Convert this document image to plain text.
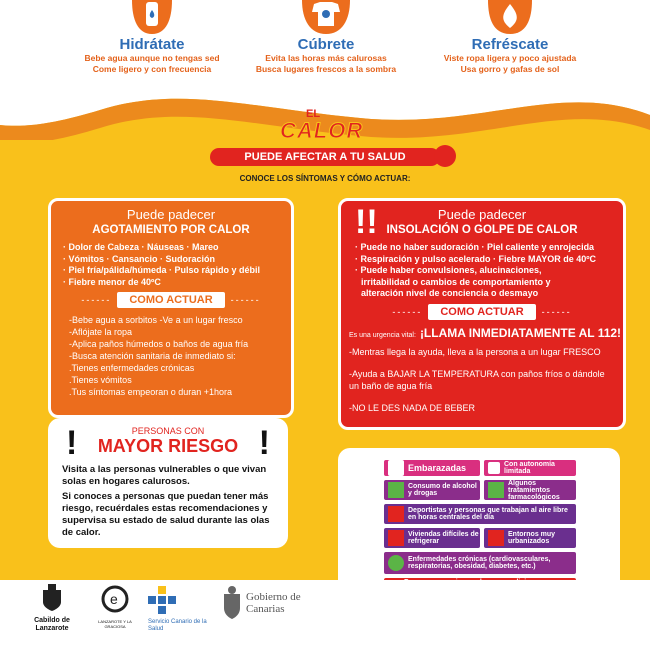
Hidrátate
Bebe agua aunque no tengas sed
Come ligero y con frecuencia
Cúbrete
Evita las horas más calurosas
Busca lugares frescos a la sombra
Refréscate
Viste ropa ligera y poco ajustada
Usa gorro y gafas de sol
EL
CALOR
PUEDE AFECTAR A TU SALUD
CONOCE LOS SÍNTOMAS Y CÓMO ACTUAR:
Puede padecer
AGOTAMIENTO POR CALOR
· Dolor de Cabeza · Náuseas · Mareo
· Vómitos · Cansancio · Sudoración
· Piel fría/pálida/húmeda · Pulso rápido y débil
· Fiebre menor de 40ºC
------	COMO ACTUAR	------
-Bebe agua a sorbitos -Ve a un lugar fresco
-Aflójate la ropa
-Aplica paños húmedos o baños de agua fría
-Busca atención sanitaria de inmediato si:
.Tienes enfermedades crónicas
.Tienes vómitos
.Tus síntomas empeoran o duran +1hora
!!	Puede padecer
INSOLACIÓN O GOLPE DE CALOR
· Puede no haber sudoración · Piel caliente y enrojecida
· Respiración y pulso acelerado · Fiebre MAYOR de 40ºC
· Puede haber convulsiones, alucinaciones,
irritabilidad o cambios de comportamiento y
alteración nivel de conciencia o desmayo
------	COMO ACTUAR	------
Es una urgencia vital: ¡LLAMA INMEDIATAMENTE AL 112!
-Mentras llega la ayuda, lleva a la persona a un lugar FRESCO
-Ayuda a BAJAR LA TEMPERATURA con paños fríos o dándole un baño de agua fría
-NO LE DES NADA DE BEBER
!	!
PERSONAS CON
MAYOR RIESGO
Visita a las personas vulnerables o que vivan solas en hogares calurosos.
Si conoces a personas que puedan tener más riesgo, recuérdales estas recomendaciones y supervisa su estado de salud durante las olas de calor.
Embarazadas	Con autonomía limitada
Consumo de alcohol y drogas
Algunos tratamientos farmacológicos
Deportistas y personas que trabajan al aire libre en horas centrales del día
Viviendas difíciles de refrigerar
Entornos muy urbanizados
Enfermedades crónicas (cardiovasculares, respiratorias, obesidad, diabetes, etc.)
Cabildo de Lanzarote
e
LANZAROTE Y LA GRACIOSA
Servicio Canario de la Salud
Gobierno de Canarias
